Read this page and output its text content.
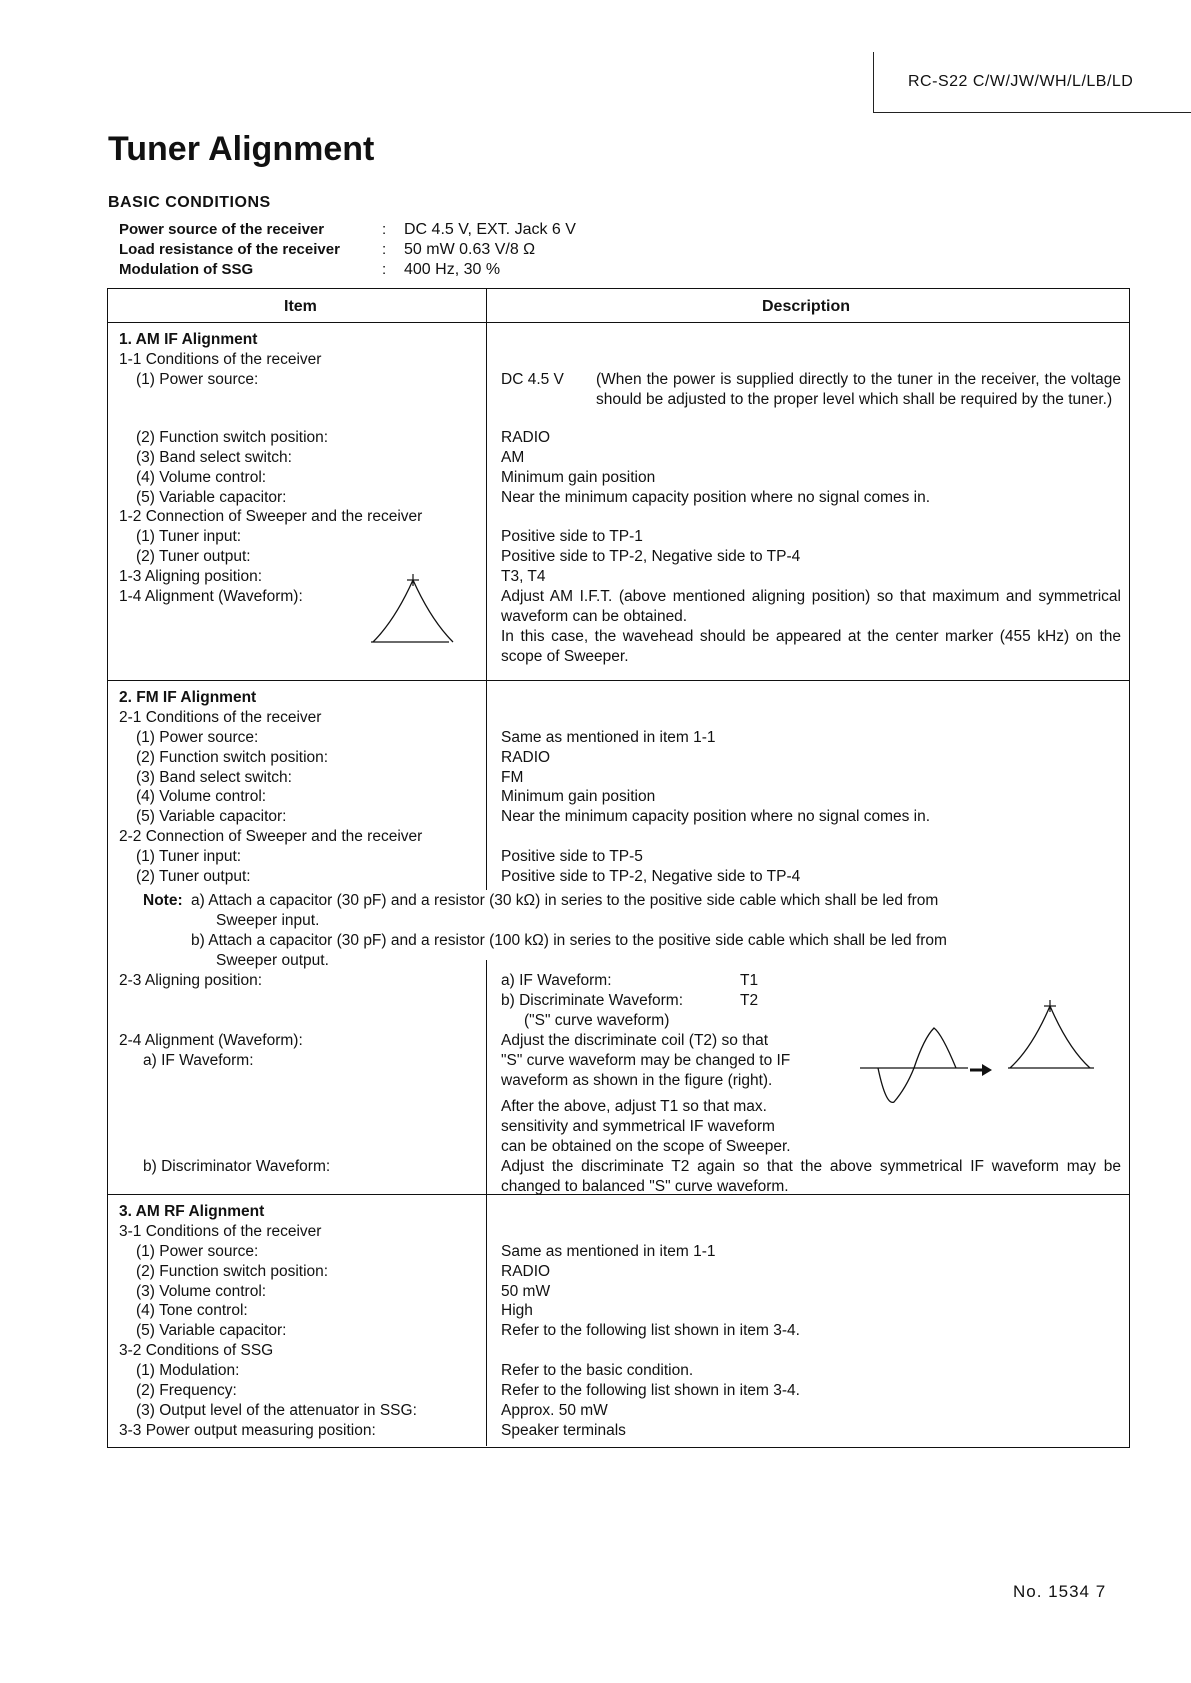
RC-S22 C/W/JW/WH/L/LB/LD
Tuner Alignment
BASIC CONDITIONS
Power source of the receiver	: DC 4.5 V, EXT. Jack 6 V
Load resistance of the receiver	: 50 mW 0.63 V/8 Ω
Modulation of SSG	: 400 Hz, 30 %
Item	Description
1. AM IF Alignment
1-1 Conditions of the receiver
(1) Power source:	DC 4.5 V (When the power is supplied directly to the tuner in the receiver, the voltage should be adjusted to the proper level which shall be required by the tuner.)
(2) Function switch position:	RADIO
(3) Band select switch:	AM
(4) Volume control:	Minimum gain position
(5) Variable capacitor:	Near the minimum capacity position where no signal comes in.
1-2 Connection of Sweeper and the receiver
(1) Tuner input:	Positive side to TP-1
(2) Tuner output:	Positive side to TP-2, Negative side to TP-4
1-3 Aligning position:	T3, T4
1-4 Alignment (Waveform):	Adjust AM I.F.T. (above mentioned aligning position) so that maximum and symmetrical waveform can be obtained.
In this case, the wavehead should be appeared at the center marker (455 kHz) on the scope of Sweeper.
2. FM IF Alignment
2-1 Conditions of the receiver
(1) Power source:	Same as mentioned in item 1-1
(2) Function switch position:	RADIO
(3) Band select switch:	FM
(4) Volume control:	Minimum gain position
(5) Variable capacitor:	Near the minimum capacity position where no signal comes in.
2-2 Connection of Sweeper and the receiver
(1) Tuner input:	Positive side to TP-5
(2) Tuner output:	Positive side to TP-2, Negative side to TP-4
Note: a) Attach a capacitor (30 pF) and a resistor (30 kΩ) in series to the positive side cable which shall be led from
Sweeper input.
b) Attach a capacitor (30 pF) and a resistor (100 kΩ) in series to the positive side cable which shall be led from
Sweeper output.
2-3 Aligning position:	a) IF Waveform:	T1
b) Discriminate Waveform:	T2
("S" curve waveform)
2-4 Alignment (Waveform):
a) IF Waveform:
Adjust the discriminate coil (T2) so that
"S" curve waveform may be changed to IF
waveform as shown in the figure (right).
After the above, adjust T1 so that max.
sensitivity and symmetrical IF waveform
can be obtained on the scope of Sweeper.
b) Discriminator Waveform:	Adjust the discriminate T2 again so that the above symmetrical IF waveform may be changed to balanced "S" curve waveform.
3. AM RF Alignment
3-1 Conditions of the receiver
(1) Power source:	Same as mentioned in item 1-1
(2) Function switch position:	RADIO
(3) Volume control:	50 mW
(4) Tone control:	High
(5) Variable capacitor:	Refer to the following list shown in item 3-4.
3-2 Conditions of SSG
(1) Modulation:	Refer to the basic condition.
(2) Frequency:	Refer to the following list shown in item 3-4.
(3) Output level of the attenuator in SSG:	Approx. 50 mW
3-3 Power output measuring position:	Speaker terminals
No. 1534 7
